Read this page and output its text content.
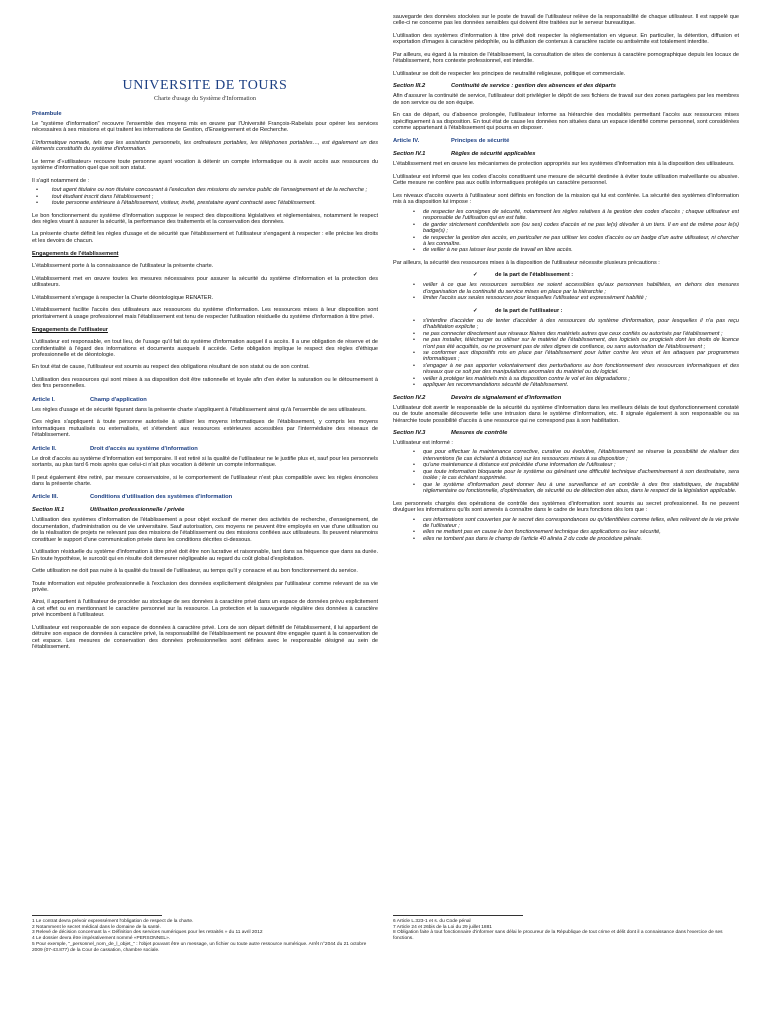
UNIVERSITE DE TOURS
Charte d'usage du Système d'Information
Préambule

Le "système d'information" recouvre l'ensemble des moyens mis en œuvre par l'Université François-Rabelais pour opérer les services nécessaires à ses missions et qui traitent les informations de Gestion, d'Enseignement et de Recherche.

L'informatique nomade, tels que les assistants personnels, les ordinateurs portables, les téléphones portables…, est également un des éléments constitutifs du système d'information.

Le terme d'«utilisateur» recouvre toute personne ayant vocation à détenir un compte informatique ou à avoir accès aux ressources du système d'information quel que soit son statut.

Il s'agit notamment de :

•	tout agent titulaire ou non titulaire concourant à l'exécution des missions du service public de l'enseignement et de la recherche ;
•	tout étudiant inscrit dans l'établissement ;
•	toute personne extérieure à l'établissement, visiteur, invité, prestataire ayant contracté avec l'établissement.

Le bon fonctionnement du système d'information suppose le respect des dispositions législatives et réglementaires, notamment le respect des règles visant à assurer la sécurité, la performance des traitements et la conservation des données.

La présente charte définit les règles d'usage et de sécurité que l'établissement et l'utilisateur s'engagent à respecter : elle précise les droits et les devoirs de chacun.

Engagements de l'établissement

L'établissement porte à la connaissance de l'utilisateur la présente charte.

L'établissement met en œuvre toutes les mesures nécessaires pour assurer la sécurité du système d'information et la protection des utilisateurs.

L'établissement s'engage à respecter la Charte déontologique RENATER.

L'établissement facilite l'accès des utilisateurs aux ressources du système d'information. Les ressources mises à leur disposition sont prioritairement à usage professionnel mais l'établissement est tenu de respecter l'utilisation résiduelle du système d'information à titre privé.

Engagements de l'utilisateur

L'utilisateur est responsable, en tout lieu, de l'usage qu'il fait du système d'information auquel il a accès. Il a une obligation de réserve et de confidentialité à l'égard des informations et documents auxquels il accède. Cette obligation implique le respect des règles d'éthique professionnelle et de déontologie.

En tout état de cause, l'utilisateur est soumis au respect des obligations résultant de son statut ou de son contrat.

L'utilisation des ressources qui sont mises à sa disposition doit être rationnelle et loyale afin d'en éviter la saturation ou le détournement à des fins personnelles.

Article I.	Champ d'application

Les règles d'usage et de sécurité figurant dans la présente charte s'appliquent à l'établissement ainsi qu'à l'ensemble de ses utilisateurs.

Ces règles s'appliquent à toute personne autorisée à utiliser les moyens informatiques de l'établissement, y compris les moyens informatiques mutualisés ou externalisés, et s'étendent aux ressources extérieures accessibles par l'intermédiaire des réseaux de l'établissement.

Article II.	Droit d'accès au système d'information

Le droit d'accès au système d'information est temporaire. Il est retiré si la qualité de l'utilisateur ne le justifie plus et, sauf pour les personnels sortants, au plus tard 6 mois après que celui-ci n'ait plus vocation à détenir un compte informatique.

Il peut également être retiré, par mesure conservatoire, si le comportement de l'utilisateur n'est plus compatible avec les règles énoncées dans la présente charte.

Article III.	Conditions d'utilisation des systèmes d'information
Section III.1	Utilisation professionnelle / privée

L'utilisation des systèmes d'information de l'établissement a pour objet exclusif de mener des activités de recherche, d'enseignement, de documentation, d'administration ou de vie universitaire. Sauf autorisation, ces moyens ne peuvent être employés en vue d'une utilisation ou de la réalisation de projets ne relevant pas des missions de l'établissement ou des missions confiées aux utilisateurs. Ils peuvent néanmoins constituer le support d'une communication privée dans les conditions décrites ci-dessous.

L'utilisation résiduelle du système d'information à titre privé doit être non lucrative et raisonnable, tant dans sa fréquence que dans sa durée. En toute hypothèse, le surcoût qui en résulte doit demeurer négligeable au regard du coût global d'exploitation.

Cette utilisation ne doit pas nuire à la qualité du travail de l'utilisateur, au temps qu'il y consacre et au bon fonctionnement du service.

Toute information est réputée professionnelle à l'exclusion des données explicitement désignées par l'utilisateur comme relevant de sa vie privée.

Ainsi, il appartient à l'utilisateur de procéder au stockage de ses données à caractère privé dans un espace de données prévu explicitement à cet effet ou en mentionnant le caractère personnel sur la ressource. La protection et la sauvegarde régulière des données à caractère privé incombent à l'utilisateur.

L'utilisateur est responsable de son espace de données à caractère privé. Lors de son départ définitif de l'établissement, il lui appartient de détruire son espace de données à caractère privé, la responsabilité de l'établissement ne pouvant être engagée quant à la conservation de cet espace. Les mesures de conservation des données professionnelles sont définies avec le responsable désigné au sein de l'établissement.

sauvegarde des données stockées sur le poste de travail de l'utilisateur relève de la responsabilité de chaque utilisateur. Il est rappelé que celle-ci ne concerne pas les données sensibles qui doivent être traitées sur le serveur bureautique.

L'utilisation des systèmes d'information à titre privé doit respecter la réglementation en vigueur. En particulier, la détention, diffusion et exportation d'images à caractère pédophile, ou la diffusion de contenus à caractère raciste ou antisémite est totalement interdite.

Par ailleurs, eu égard à la mission de l'établissement, la consultation de sites de contenus à caractère pornographique depuis les locaux de l'établissement, hors contexte professionnel, est interdite.

L'utilisateur se doit de respecter les principes de neutralité religieuse, politique et commerciale.

Section III.2	Continuité de service : gestion des absences et des départs

Afin d'assurer la continuité de service, l'utilisateur doit privilégier le dépôt de ses fichiers de travail sur des zones partagées par les membres de son service ou de son équipe.

En cas de départ, ou d'absence prolongée, l'utilisateur informe sa hiérarchie des modalités permettant l'accès aux ressources mises spécifiquement à sa disposition. En tout état de cause les données non situées dans un espace identifié comme personnel, sont considérées comme appartenant à l'établissement qui pourra en disposer.

Article IV.	Principes de sécurité
Section IV.1	Règles de sécurité applicables

L'établissement met en œuvre les mécanismes de protection appropriés sur les systèmes d'information mis à la disposition des utilisateurs.

L'utilisateur est informé que les codes d'accès constituent une mesure de sécurité destinée à éviter toute utilisation malveillante ou abusive. Cette mesure ne confère pas aux outils informatiques protégés un caractère personnel.

Les niveaux d'accès ouverts à l'utilisateur sont définis en fonction de la mission qui lui est conférée. La sécurité des systèmes d'information mis à sa disposition lui impose :

• de respecter les consignes de sécurité, notamment les règles relatives à la gestion des codes d'accès ; chaque utilisateur est responsable de l'utilisation qui en est faite.
• de garder strictement confidentiels son (ou ses) codes d'accès et ne pas le(s) dévoiler à un tiers. Il en est de même pour le(s) badge(s) ;
• de respecter la gestion des accès, en particulier ne pas utiliser les codes d'accès ou un badge d'un autre utilisateur, ni chercher à les connaître.
• de veiller à ne pas laisser leur poste de travail en libre accès.

Par ailleurs, la sécurité des ressources mises à la disposition de l'utilisateur nécessite plusieurs précautions :

✓	de la part de l'établissement :
• veiller à ce que les ressources sensibles ne soient accessibles qu'aux personnes habilitées, en dehors des mesures d'organisation de la continuité du service mises en place par la hiérarchie ;
• limiter l'accès aux seules ressources pour lesquelles l'utilisateur est expressément habilité ;
✓	de la part de l'utilisateur :
• s'interdire d'accéder ou de tenter d'accéder à des ressources du système d'information, pour lesquelles il n'a pas reçu d'habilitation explicite ;
• ne pas connecter directement aux réseaux filaires des matériels autres que ceux confiés ou autorisés par l'établissement ;
• ne pas installer, télécharger ou utiliser sur le matériel de l'établissement, des logiciels ou progiciels dont les droits de licence n'ont pas été acquittés, ou ne provenant pas de sites dignes de confiance, ou sans autorisation de l'établissement ;
• se conformer aux dispositifs mis en place par l'établissement pour lutter contre les virus et les attaques par programmes informatiques ;
• s'engager à ne pas apporter volontairement des perturbations au bon fonctionnement des ressources informatiques et des réseaux que ce soit par des manipulations anormales du matériel ou du logiciel.
• veiller à protéger les matériels mis à sa disposition contre le vol et les dégradations ;
• appliquer les recommandations sécurité de l'établissement.
Section IV.2	Devoirs de signalement et d'information

L'utilisateur doit avertir le responsable de la sécurité du système d'information dans les meilleurs délais de tout dysfonctionnement constaté ou de toute anomalie découverte telle une intrusion dans le système d'information, etc. Il signale également à son responsable ou sa hiérarchie toute possibilité d'accès à une ressource qui ne correspond pas à son habilitation.

Section IV.3	Mesures de contrôle

L'utilisateur est informé :

• que pour effectuer la maintenance corrective, curative ou évolutive, l'établissement se réserve la possibilité de réaliser des interventions (le cas échéant à distance) sur les ressources mises à sa disposition ;
• qu'une maintenance à distance est précédée d'une information de l'utilisateur ;
• que toute information bloquante pour le système ou générant une difficulté technique d'acheminement à son destinataire, sera isolée ; le cas échéant supprimée.
• que le système d'information peut donner lieu à une surveillance et un contrôle à des fins statistiques, de traçabilité réglementaire ou fonctionnelle, d'optimisation, de sécurité ou de détection des abus, dans le respect de la législation applicable.

Les personnels chargés des opérations de contrôle des systèmes d'information sont soumis au secret professionnel. Ils ne peuvent divulguer les informations qu'ils sont amenés à connaître dans le cadre de leurs fonctions dès lors que :

• ces informations sont couvertes par le secret des correspondances ou qu'identifiées comme telles, elles relèvent de la vie privée de l'utilisateur ;
• elles ne mettent pas en cause le bon fonctionnement technique des applications ou leur sécurité,
• elles ne tombent pas dans le champ de l'article 40 alinéa 2 du code de procédure pénale.
1 Le contrat devra prévoir expressément l'obligation de respect de la charte.
2 Notamment le secret médical dans le domaine de la santé.
3 Relevé de décision concernant la « Définition des services numériques pour les retraités » du 11 avril 2012
4 Le dossier devra être impérativement nommé «PERSONNEL».
5 Pour exemple, "_personnel_nom_de_l_objet_" : l'objet pouvant être un message, un fichier ou toute autre ressource numérique. Arrêt n°2044 du 21 octobre 2009 (07-43.877) de la Cour de cassation, chambre sociale.
6 Article L.323-1 et s. du Code pénal
7 Article 24 et 26bis de la Loi du 29 juillet 1881
8 Obligation faite à tout fonctionnaire d'informer sans délai le procureur de la République de tout crime et délit dont il a connaissance dans l'exercice de ses fonctions.
